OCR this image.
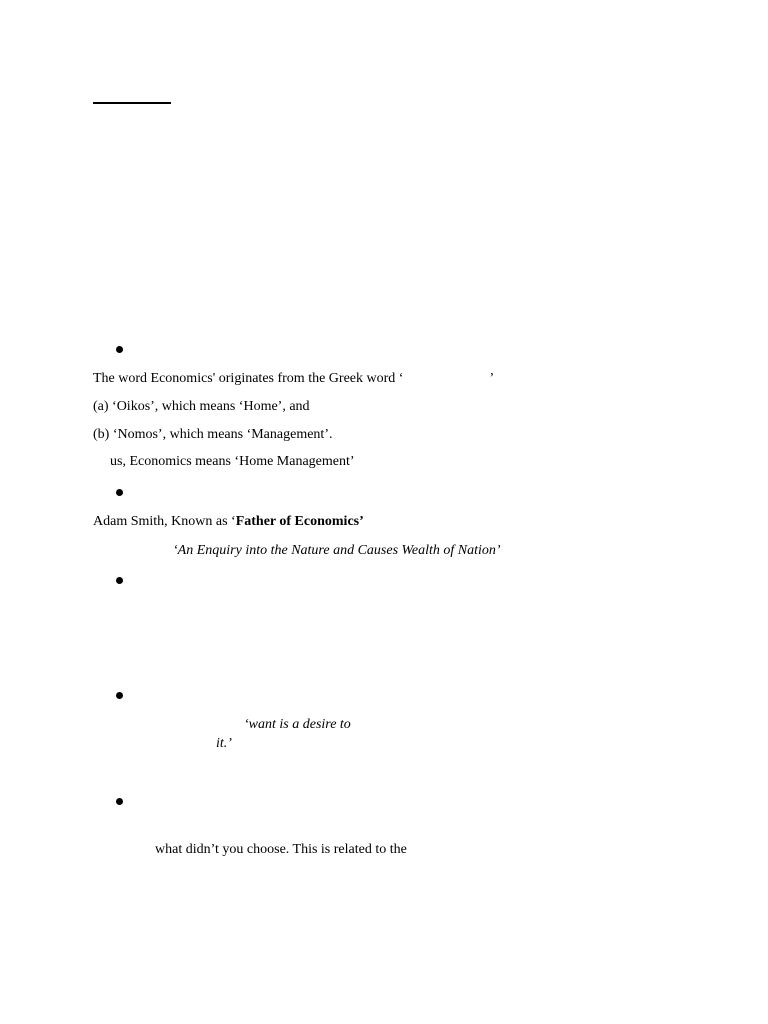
The word Economics' originates from the Greek word ‘	’
(a) ‘Oikos’, which means ‘Home’, and
(b) ‘Nomos’, which means ‘Management’.
us, Economics means ‘Home Management’
Adam Smith, Known as ‘Father of Economics’
‘An Enquiry into the Nature and Causes Wealth of Nation’
‘want is a desire to
it.’
what didn’t you choose. This is related to the
